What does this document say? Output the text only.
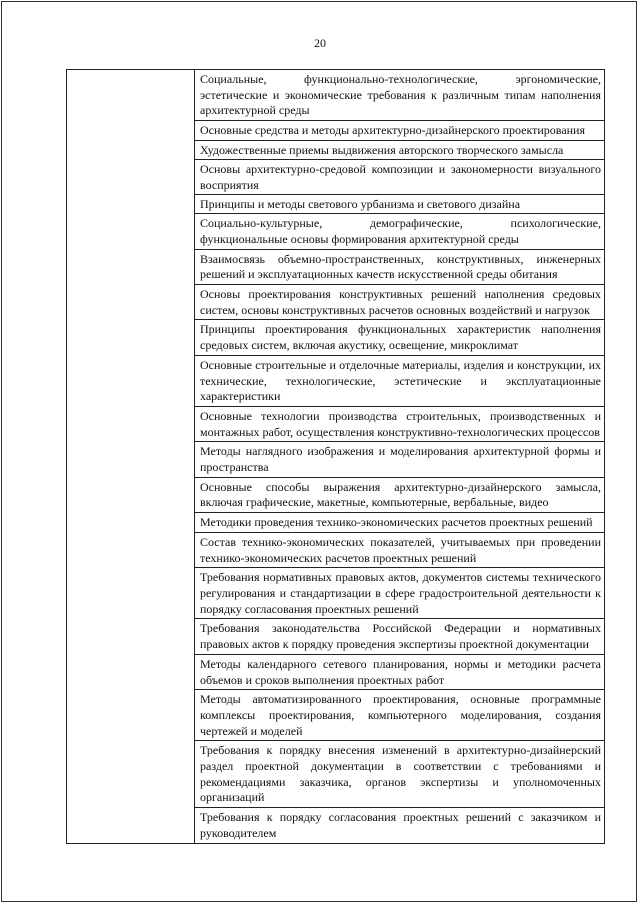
20

Социальные, функционально-технологические, эргономические, эстетические и экономические требования к различным типам наполнения архитектурной среды

Основные средства и методы архитектурно-дизайнерского проектирования

Художественные приемы выдвижения авторского творческого замысла

Основы архитектурно-средовой композиции и закономерности визуального восприятия

Принципы и методы светового урбанизма и светового дизайна

Социально-культурные, демографические, психологические, функциональные основы формирования архитектурной среды

Взаимосвязь объемно-пространственных, конструктивных, инженерных решений и эксплуатационных качеств искусственной среды обитания

Основы проектирования конструктивных решений наполнения средовых систем, основы конструктивных расчетов основных воздействий и нагрузок

Принципы проектирования функциональных характеристик наполнения средовых систем, включая акустику, освещение, микроклимат

Основные строительные и отделочные материалы, изделия и конструкции, их технические, технологические, эстетические и эксплуатационные характеристики

Основные технологии производства строительных, производственных и монтажных работ, осуществления конструктивно-технологических процессов

Методы наглядного изображения и моделирования архитектурной формы и пространства

Основные способы выражения архитектурно-дизайнерского замысла, включая графические, макетные, компьютерные, вербальные, видео

Методики проведения технико-экономических расчетов проектных решений

Состав технико-экономических показателей, учитываемых при проведении технико-экономических расчетов проектных решений

Требования нормативных правовых актов, документов системы технического регулирования и стандартизации в сфере градостроительной деятельности к порядку согласования проектных решений

Требования законодательства Российской Федерации и нормативных правовых актов к порядку проведения экспертизы проектной документации

Методы календарного сетевого планирования, нормы и методики расчета объемов и сроков выполнения проектных работ

Методы автоматизированного проектирования, основные программные комплексы проектирования, компьютерного моделирования, создания чертежей и моделей

Требования к порядку внесения изменений в архитектурно-дизайнерский раздел проектной документации в соответствии с требованиями и рекомендациями заказчика, органов экспертизы и уполномоченных организаций

Требования к порядку согласования проектных решений с заказчиком и руководителем
